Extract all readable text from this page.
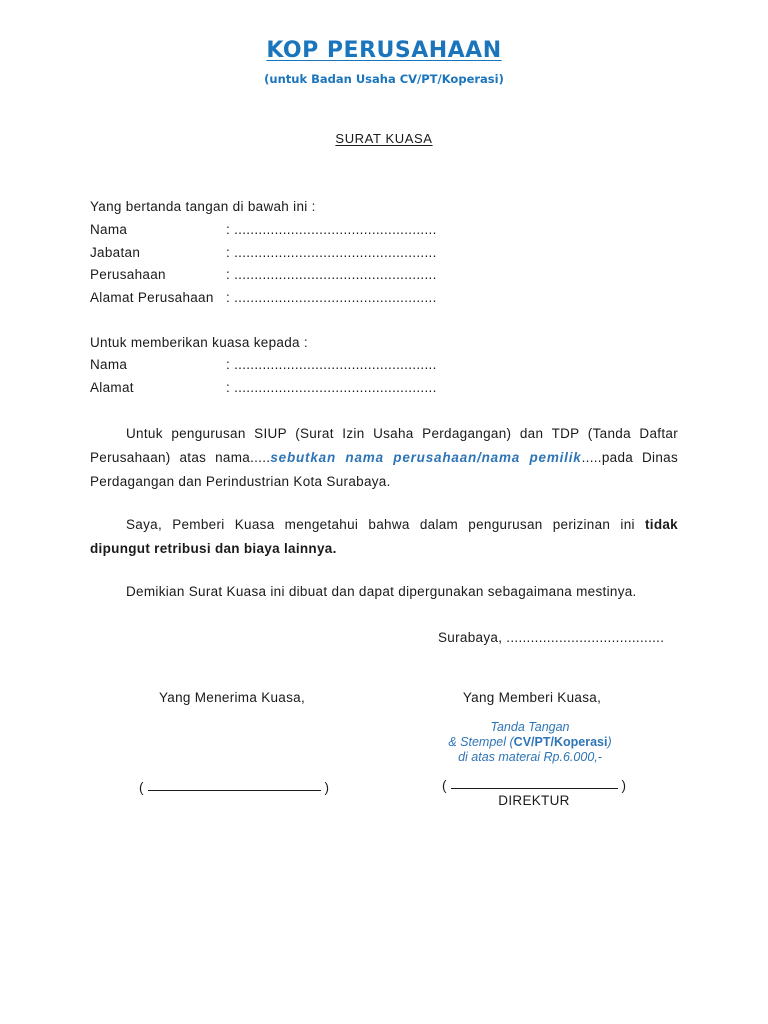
KOP PERUSAHAAN
(untuk Badan Usaha CV/PT/Koperasi)
SURAT KUASA
Yang bertanda tangan di bawah ini :
Nama	: ..................................................
Jabatan	: ..................................................
Perusahaan	: ..................................................
Alamat Perusahaan : ..................................................
Untuk memberikan kuasa kepada :
Nama	: ..................................................
Alamat	: ..................................................
Untuk pengurusan SIUP (Surat Izin Usaha Perdagangan) dan TDP (Tanda Daftar Perusahaan) atas nama.....sebutkan nama perusahaan/nama pemilik.....pada Dinas Perdagangan dan Perindustrian Kota Surabaya.
Saya, Pemberi Kuasa mengetahui bahwa dalam pengurusan perizinan ini tidak dipungut retribusi dan biaya lainnya.
Demikian Surat Kuasa ini dibuat dan dapat dipergunakan sebagaimana mestinya.
Surabaya, .......................................
Yang Menerima Kuasa,	Yang Memberi Kuasa,
Tanda Tangan
& Stempel (CV/PT/Koperasi)
di atas materai Rp.6.000,-
(	)	(	)
DIREKTUR
